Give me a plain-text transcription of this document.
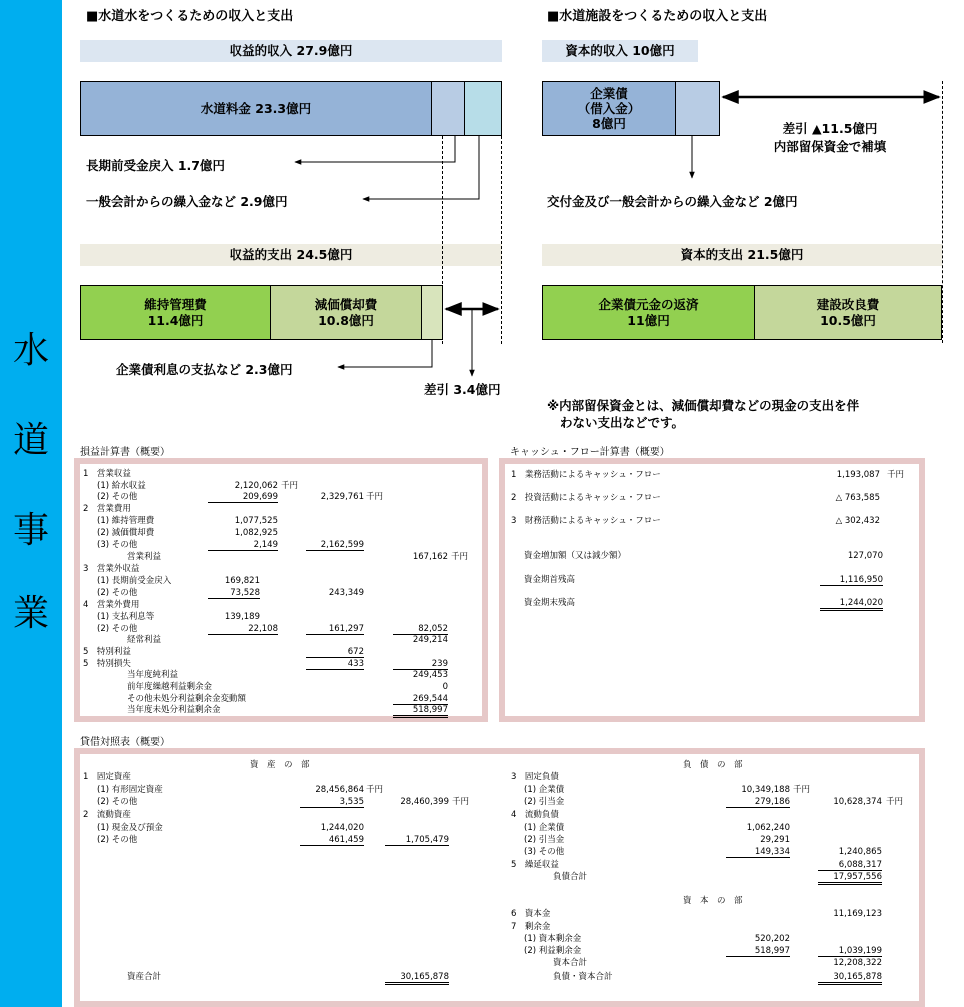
水
道
事
業
■水道水をつくるための収入と支出
収益的収入 27.9億円
水道料金 23.3億円
長期前受金戻入 1.7億円
一般会計からの繰入金など 2.9億円
収益的支出 24.5億円
維持管理費
11.4億円
減価償却費
10.8億円
企業債利息の支払など 2.3億円
差引 3.4億円
■水道施設をつくるための収入と支出
資本的収入 10億円
企業債
（借入金）
8億円	差引 ▲11.5億円
内部留保資金で補填
交付金及び一般会計からの繰入金など 2億円
資本的支出 21.5億円
企業債元金の返済
11億円
建設改良費
10.5億円
※内部留保資金とは、減価償却費などの現金の支出を伴
わない支出などです。
損益計算書（概要）
1　営業収益
(1) 給水収益	2,120,062 千円
(2) その他	209,699	2,329,761 千円
2　営業費用
(1) 維持管理費	1,077,525
(2) 減価償却費	1,082,925
(3) その他	2,149	2,162,599
営業利益	167,162 千円
3　営業外収益
(1) 長期前受金戻入	169,821
(2) その他	73,528	243,349
4　営業外費用
(1) 支払利息等	139,189
(2) その他	22,108	161,297	82,052
経常利益	249,214
5　特別利益	672
5　特別損失	433	239
当年度純利益	249,453
前年度繰越利益剰余金	0
その他未処分利益剰余金変動額	269,544
当年度未処分利益剰余金	518,997
キャッシュ・フロー計算書（概要）
1　業務活動によるキャッシュ・フロー	1,193,087 千円
2　投資活動によるキャッシュ・フロー	△ 763,585
3　財務活動によるキャッシュ・フロー	△ 302,432
資金増加額（又は減少額）	127,070
資金期首残高	1,116,950
資金期末残高	1,244,020
貸借対照表（概要）
資　産　の　部
1　固定資産
(1) 有形固定資産	28,456,864 千円
(2) その他	3,535	28,460,399 千円
2　流動資産
(1) 現金及び預金	1,244,020
(2) その他	461,459	1,705,479
資産合計	30,165,878
負　債　の　部
3　固定負債
(1) 企業債	10,349,188 千円
(2) 引当金	279,186	10,628,374 千円
4　流動負債
(1) 企業債	1,062,240
(2) 引当金	29,291
(3) その他	149,334	1,240,865
5　繰延収益	6,088,317
負債合計	17,957,556
資　本　の　部
6　資本金	11,169,123
7　剰余金
(1) 資本剰余金	520,202
(2) 利益剰余金	518,997	1,039,199
資本合計	12,208,322
負債・資本合計	30,165,878
